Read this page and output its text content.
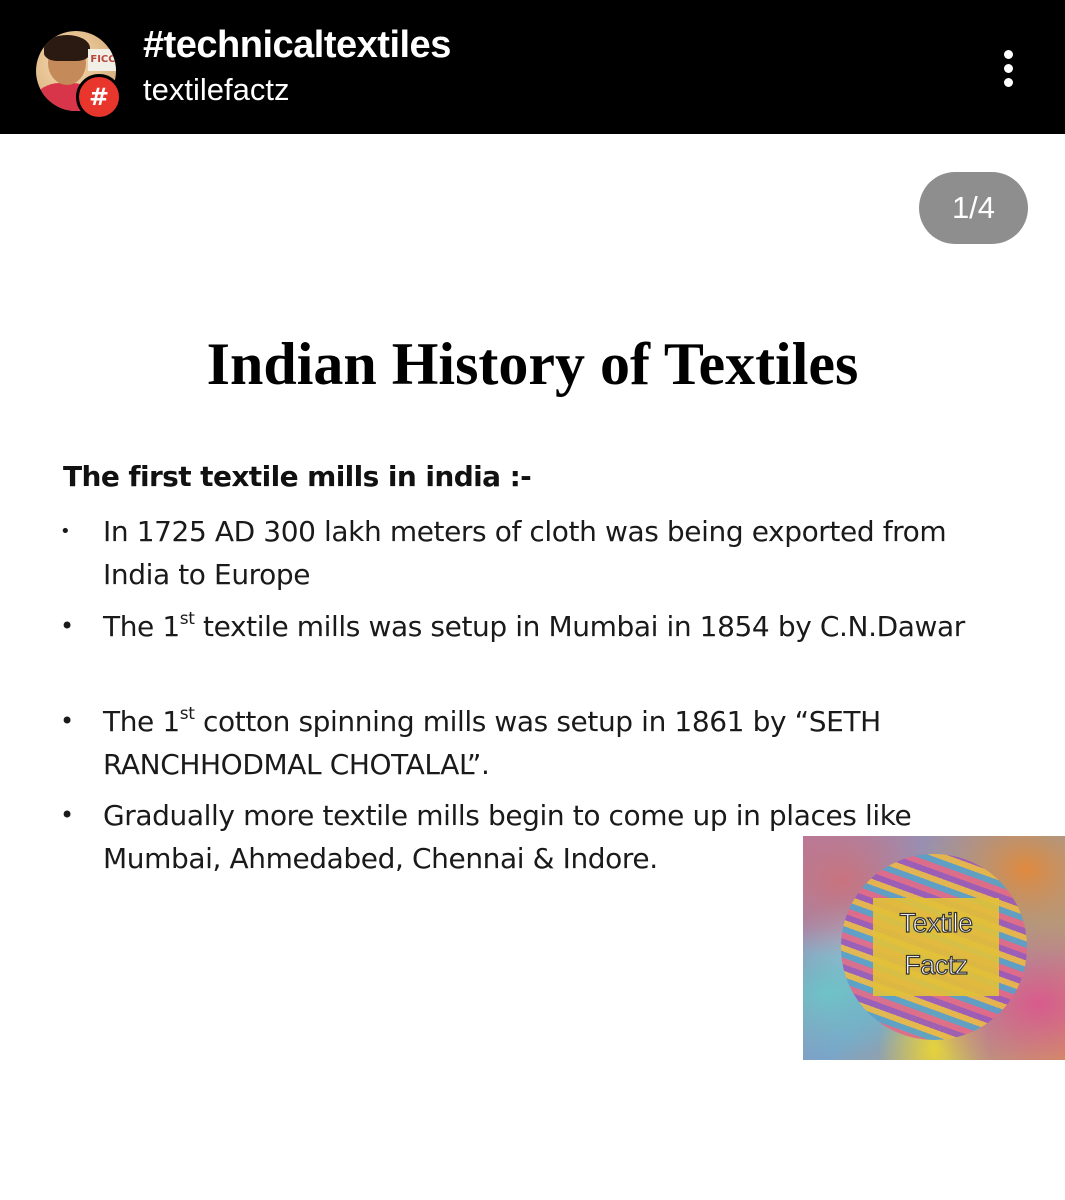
FICC
#
#technicaltextiles
textilefactz
1/4
Indian History of Textiles
The first textile mills in india :-
• In 1725 AD 300 lakh meters of cloth was being exported from India to Europe
• The 1st textile mills was setup in Mumbai in 1854 by C.N.Dawar
• The 1st cotton spinning mills was setup in 1861 by “SETH RANCHHODMAL CHOTALAL”.
• Gradually more textile mills begin to come up in places like Mumbai, Ahmedabed, Chennai & Indore.
Textile
Factz
